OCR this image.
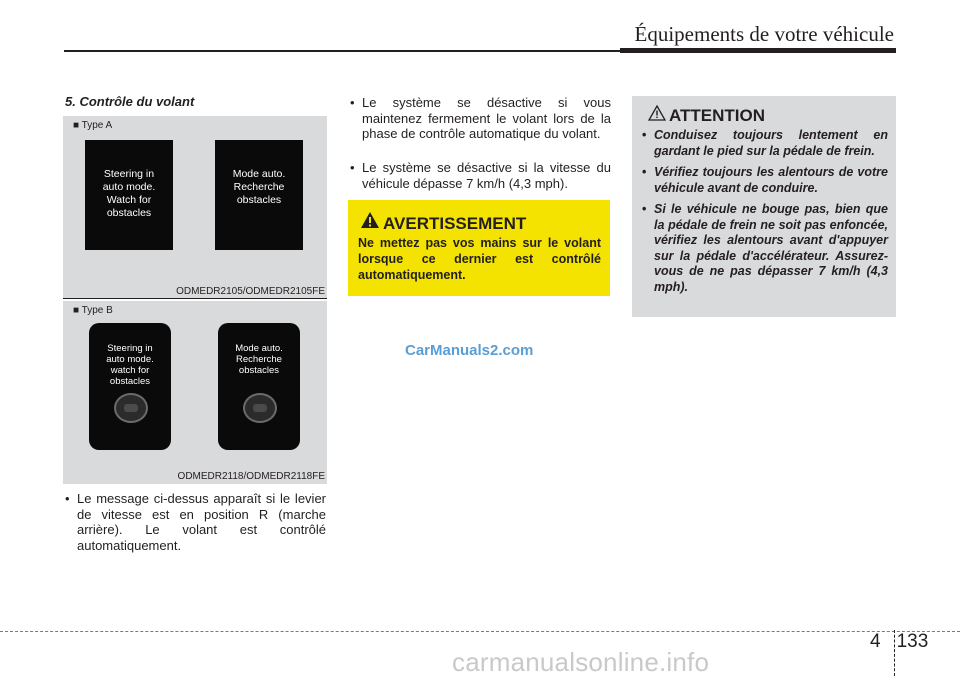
Équipements de votre véhicule
5. Contrôle du volant
■ Type A
Steering in
auto mode.
Watch for
obstacles
Mode auto.
Recherche
obstacles
ODMEDR2105/ODMEDR2105FE
■ Type B
Steering in
auto mode.
watch for
obstacles
Mode auto.
Recherche
obstacles
ODMEDR2118/ODMEDR2118FE
• Le message ci-dessus apparaît si le levier de vitesse est en position R (marche arrière). Le volant est contrôlé automatiquement.
• Le système se désactive si vous maintenez fermement le volant lors de la phase de contrôle automatique du volant.
• Le système se désactive si la vitesse du véhicule dépasse 7 km/h (4,3 mph).
AVERTISSEMENT
Ne mettez pas vos mains sur le volant lorsque ce dernier est contrôlé automatiquement.
ATTENTION
• Conduisez toujours lentement en gardant le pied sur la pédale de frein.
• Vérifiez toujours les alentours de votre véhicule avant de conduire.
• Si le véhicule ne bouge pas, bien que la pédale de frein ne soit pas enfoncée, vérifiez les alentours avant d'appuyer sur la pédale d'accélérateur. Assurez-vous de ne pas dépasser 7 km/h (4,3 mph).
CarManuals2.com
4 133
carmanualsonline.info
